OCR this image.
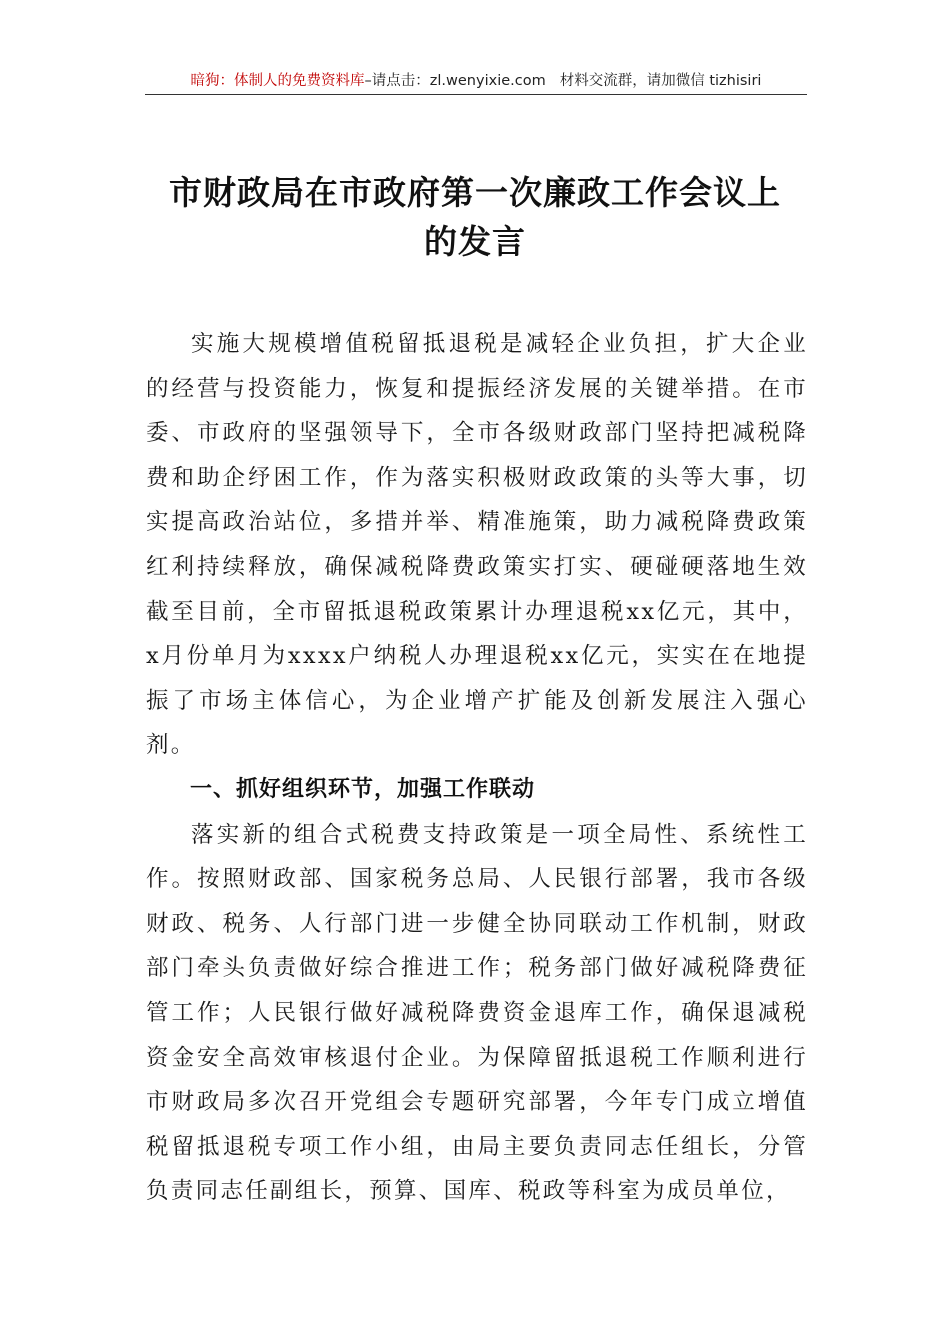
暗狗：体制人的免费资料库–请点击：zl.wenyixie.com 材料交流群，请加微信 tizhisiri
市财政局在市政府第一次廉政工作会议上
的发言

实施大规模增值税留抵退税是减轻企业负担，扩大企业的经营与投资能力，恢复和提振经济发展的关键举措。在市委、市政府的坚强领导下，全市各级财政部门坚持把减税降费和助企纾困工作，作为落实积极财政政策的头等大事，切实提高政治站位，多措并举、精准施策，助力减税降费政策红利持续释放，确保减税降费政策实打实、硬碰硬落地生效截至目前，全市留抵退税政策累计办理退税xx亿元，其中，x月份单月为xxxx户纳税人办理退税xx亿元，实实在在地提振了市场主体信心，为企业增产扩能及创新发展注入强心剂。

一、抓好组织环节，加强工作联动

落实新的组合式税费支持政策是一项全局性、系统性工作。按照财政部、国家税务总局、人民银行部署，我市各级财政、税务、人行部门进一步健全协同联动工作机制，财政部门牵头负责做好综合推进工作；税务部门做好减税降费征管工作；人民银行做好减税降费资金退库工作，确保退减税资金安全高效审核退付企业。为保障留抵退税工作顺利进行市财政局多次召开党组会专题研究部署，今年专门成立增值税留抵退税专项工作小组，由局主要负责同志任组长，分管负责同志任副组长，预算、国库、税政等科室为成员单位，
